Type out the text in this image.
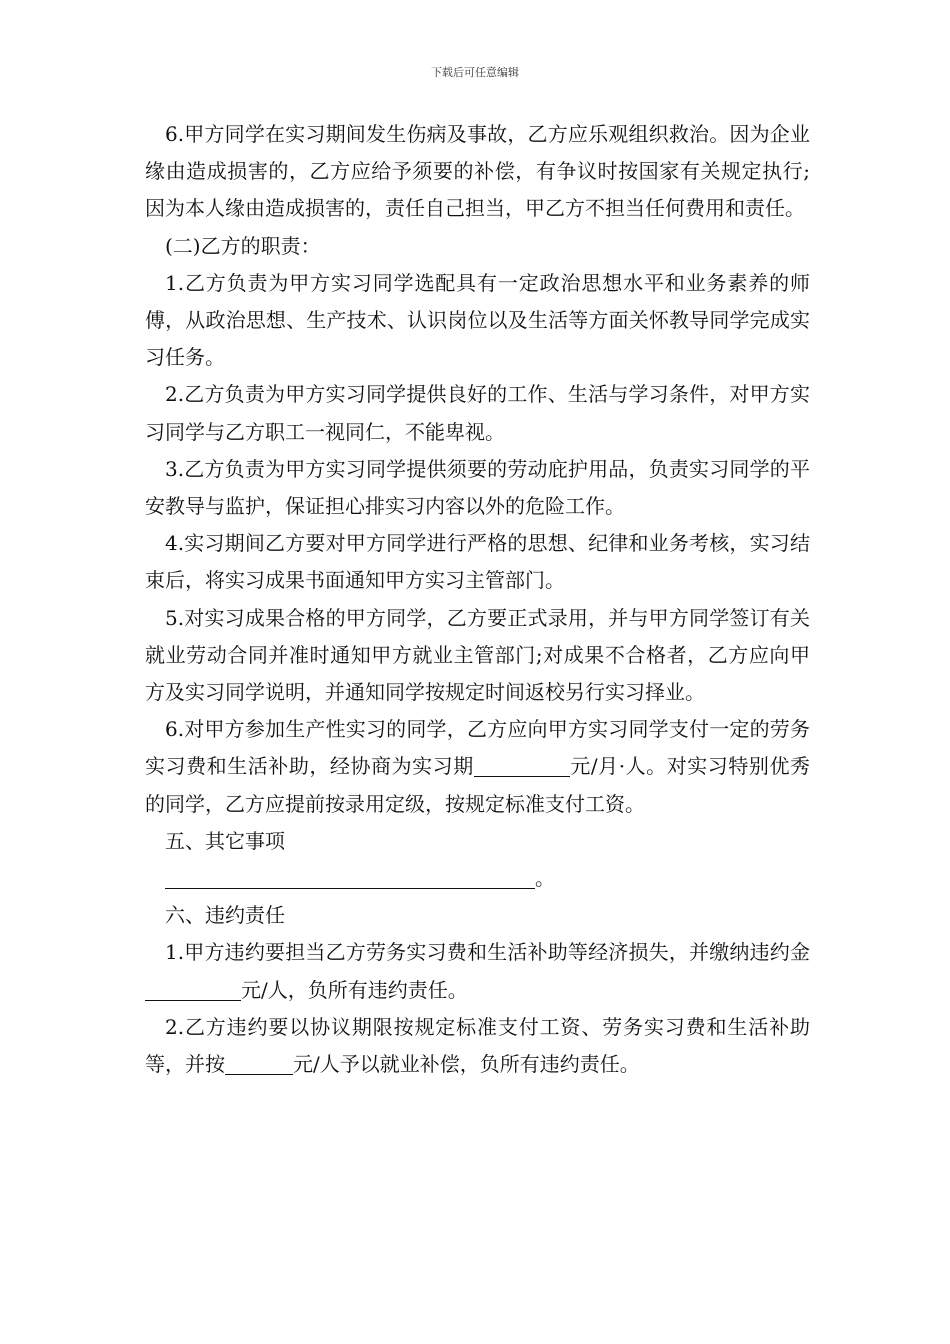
下载后可任意编辑

6.甲方同学在实习期间发生伤病及事故，乙方应乐观组织救治。因为企业缘由造成损害的，乙方应给予须要的补偿，有争议时按国家有关规定执行;因为本人缘由造成损害的，责任自己担当，甲乙方不担当任何费用和责任。

(二)乙方的职责：

1.乙方负责为甲方实习同学选配具有一定政治思想水平和业务素养的师傅，从政治思想、生产技术、认识岗位以及生活等方面关怀教导同学完成实习任务。

2.乙方负责为甲方实习同学提供良好的工作、生活与学习条件，对甲方实习同学与乙方职工一视同仁，不能卑视。

3.乙方负责为甲方实习同学提供须要的劳动庇护用品，负责实习同学的平安教导与监护，保证担心排实习内容以外的危险工作。

4.实习期间乙方要对甲方同学进行严格的思想、纪律和业务考核，实习结束后，将实习成果书面通知甲方实习主管部门。

5.对实习成果合格的甲方同学，乙方要正式录用，并与甲方同学签订有关就业劳动合同并准时通知甲方就业主管部门;对成果不合格者，乙方应向甲方及实习同学说明，并通知同学按规定时间返校另行实习择业。

6.对甲方参加生产性实习的同学，乙方应向甲方实习同学支付一定的劳务实习费和生活补助，经协商为实习期	元/月·人。对实习特别优秀的同学，乙方应提前按录用定级，按规定标准支付工资。

五、其它事项

。

六、违约责任

1.甲方违约要担当乙方劳务实习费和生活补助等经济损失，并缴纳违约金元/人，负所有违约责任。

2.乙方违约要以协议期限按规定标准支付工资、劳务实习费和生活补助等，并按	元/人予以就业补偿，负所有违约责任。
